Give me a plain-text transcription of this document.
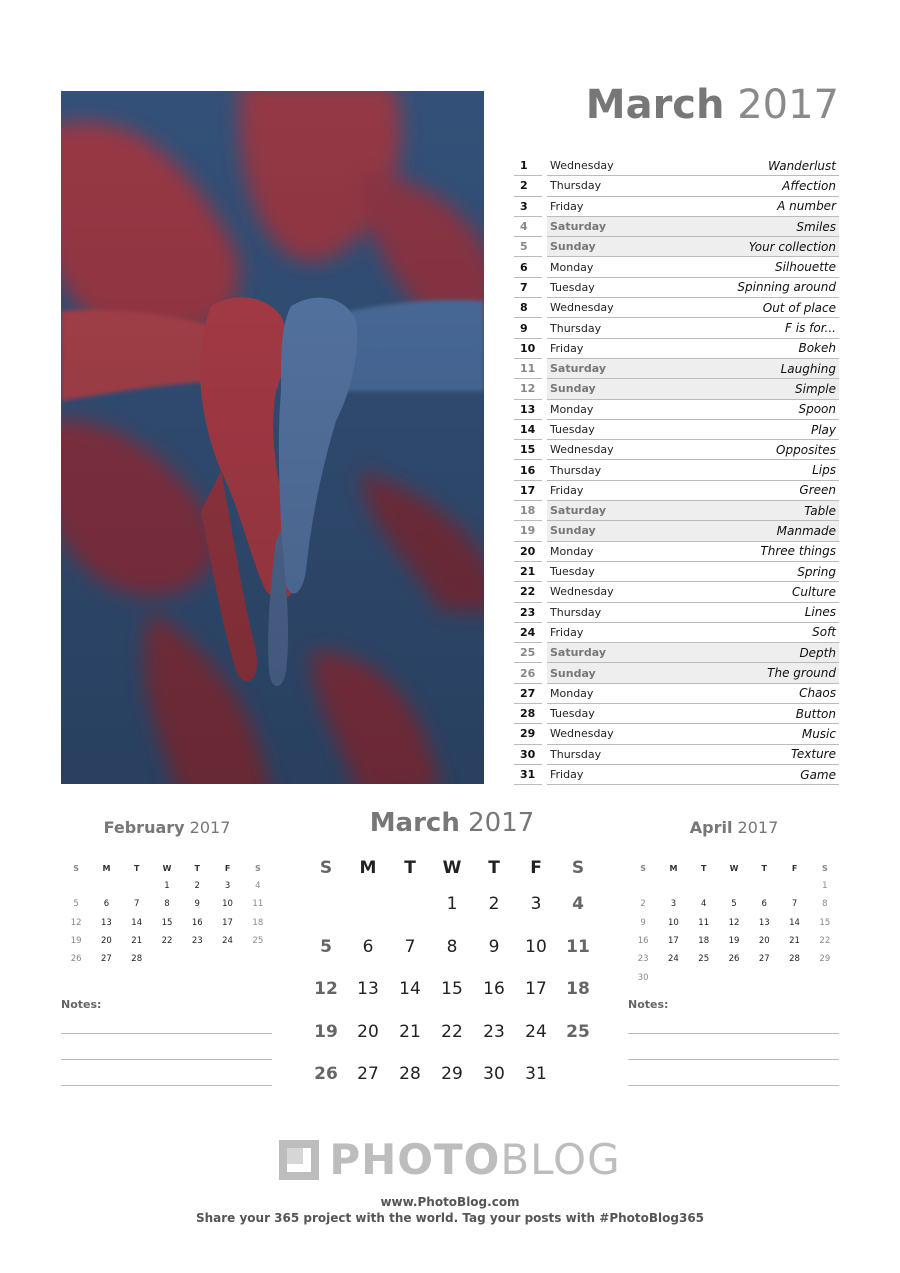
March 2017
1	Wednesday	Wanderlust
2	Thursday	Affection
3	Friday	A number
4	Saturday	Smiles
5	Sunday	Your collection
6	Monday	Silhouette
7	Tuesday	Spinning around
8	Wednesday	Out of place
9	Thursday	F is for...
10	Friday	Bokeh
11	Saturday	Laughing
12	Sunday	Simple
13	Monday	Spoon
14	Tuesday	Play
15	Wednesday	Opposites
16	Thursday	Lips
17	Friday	Green
18	Saturday	Table
19	Sunday	Manmade
20	Monday	Three things
21	Tuesday	Spring
22	Wednesday	Culture
23	Thursday	Lines
24	Friday	Soft
25	Saturday	Depth
26	Sunday	The ground
27	Monday	Chaos
28	Tuesday	Button
29	Wednesday	Music
30	Thursday	Texture
31	Friday	Game
February 2017
S	M	T	W	T	F	S
			1	2	3	4
5	6	7	8	9	10	11
12	13	14	15	16	17	18
19	20	21	22	23	24	25
26	27	28				
April 2017
S	M	T	W	T	F	S
						1
2	3	4	5	6	7	8
9	10	11	12	13	14	15
16	17	18	19	20	21	22
23	24	25	26	27	28	29
30						
Notes:	Notes:
March 2017
S	M	T	W	T	F	S
			1	2	3	4
5	6	7	8	9	10	11
12	13	14	15	16	17	18
19	20	21	22	23	24	25
26	27	28	29	30	31	
PHOTOBLOG
www.PhotoBlog.com
Share your 365 project with the world. Tag your posts with #PhotoBlog365
